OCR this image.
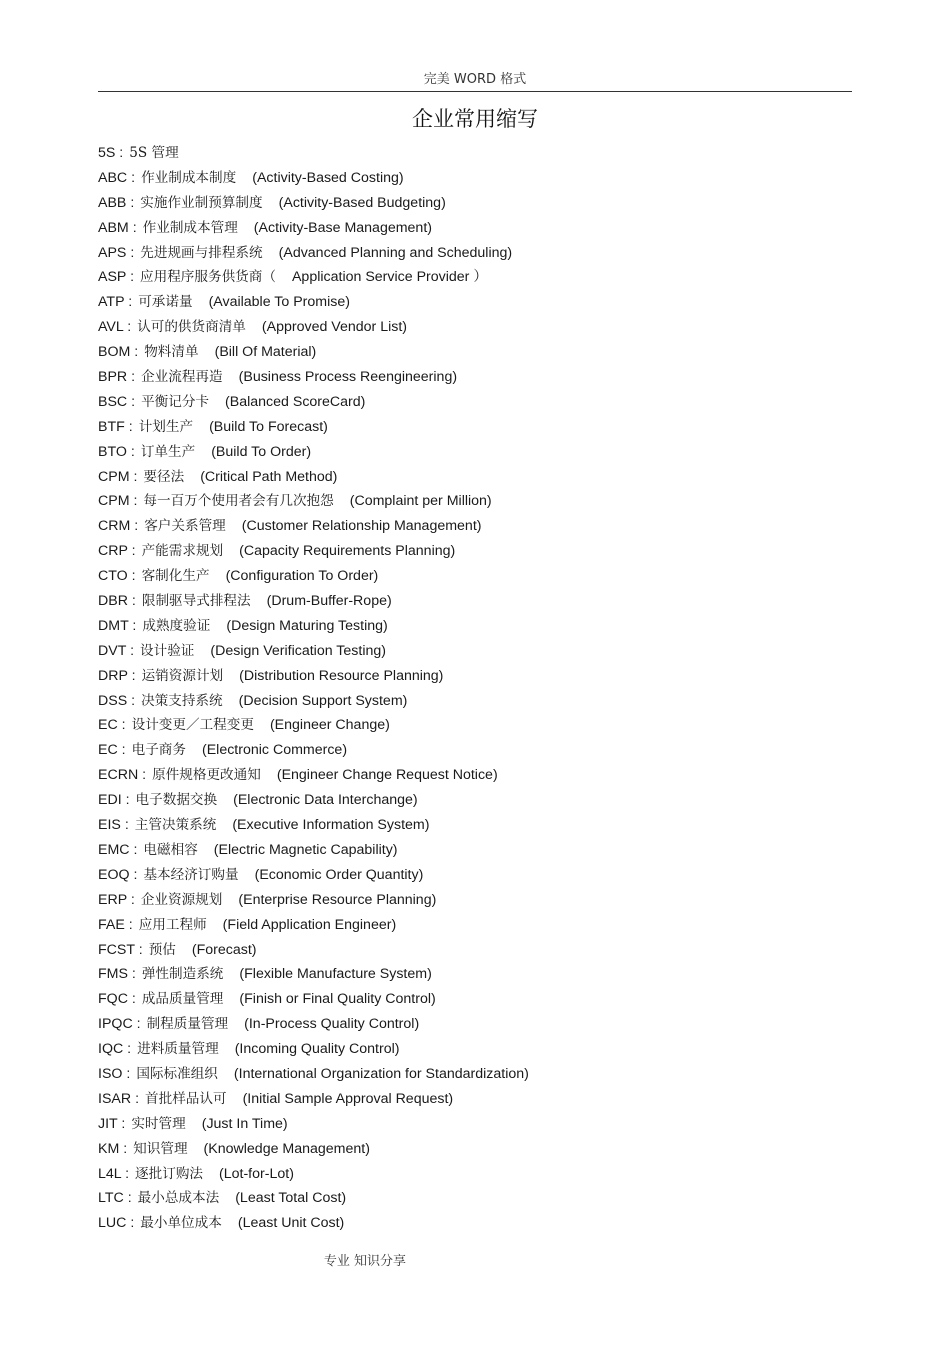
完美 WORD 格式
企业常用缩写
5S : 5S 管理
ABC : 作业制成本制度 (Activity-Based Costing)
ABB : 实施作业制预算制度 (Activity-Based Budgeting)
ABM : 作业制成本管理 (Activity-Base Management)
APS : 先进规画与排程系统 (Advanced Planning and Scheduling)
ASP : 应用程序服务供货商（ Application Service Provider ）
ATP : 可承诺量 (Available To Promise)
AVL : 认可的供货商清单 (Approved Vendor List)
BOM : 物料清单 (Bill Of Material)
BPR : 企业流程再造 (Business Process Reengineering)
BSC : 平衡记分卡 (Balanced ScoreCard)
BTF : 计划生产 (Build To Forecast)
BTO : 订单生产 (Build To Order)
CPM : 要径法 (Critical Path Method)
CPM : 每一百万个使用者会有几次抱怨 (Complaint per Million)
CRM : 客户关系管理 (Customer Relationship Management)
CRP : 产能需求规划 (Capacity Requirements Planning)
CTO : 客制化生产 (Configuration To Order)
DBR : 限制驱导式排程法 (Drum-Buffer-Rope)
DMT : 成熟度验证 (Design Maturing Testing)
DVT : 设计验证 (Design Verification Testing)
DRP : 运销资源计划 (Distribution Resource Planning)
DSS : 决策支持系统 (Decision Support System)
EC : 设计变更／工程变更 (Engineer Change)
EC : 电子商务 (Electronic Commerce)
ECRN : 原件规格更改通知 (Engineer Change Request Notice)
EDI : 电子数据交换 (Electronic Data Interchange)
EIS : 主管决策系统 (Executive Information System)
EMC : 电磁相容 (Electric Magnetic Capability)
EOQ : 基本经济订购量 (Economic Order Quantity)
ERP : 企业资源规划 (Enterprise Resource Planning)
FAE : 应用工程师 (Field Application Engineer)
FCST : 预估 (Forecast)
FMS : 弹性制造系统 (Flexible Manufacture System)
FQC : 成品质量管理 (Finish or Final Quality Control)
IPQC : 制程质量管理 (In-Process Quality Control)
IQC : 进料质量管理 (Incoming Quality Control)
ISO : 国际标准组织 (International Organization for Standardization)
ISAR : 首批样品认可 (Initial Sample Approval Request)
JIT : 实时管理 (Just In Time)
KM : 知识管理 (Knowledge Management)
L4L : 逐批订购法 (Lot-for-Lot)
LTC : 最小总成本法 (Least Total Cost)
LUC : 最小单位成本 (Least Unit Cost)
专业 知识分享
